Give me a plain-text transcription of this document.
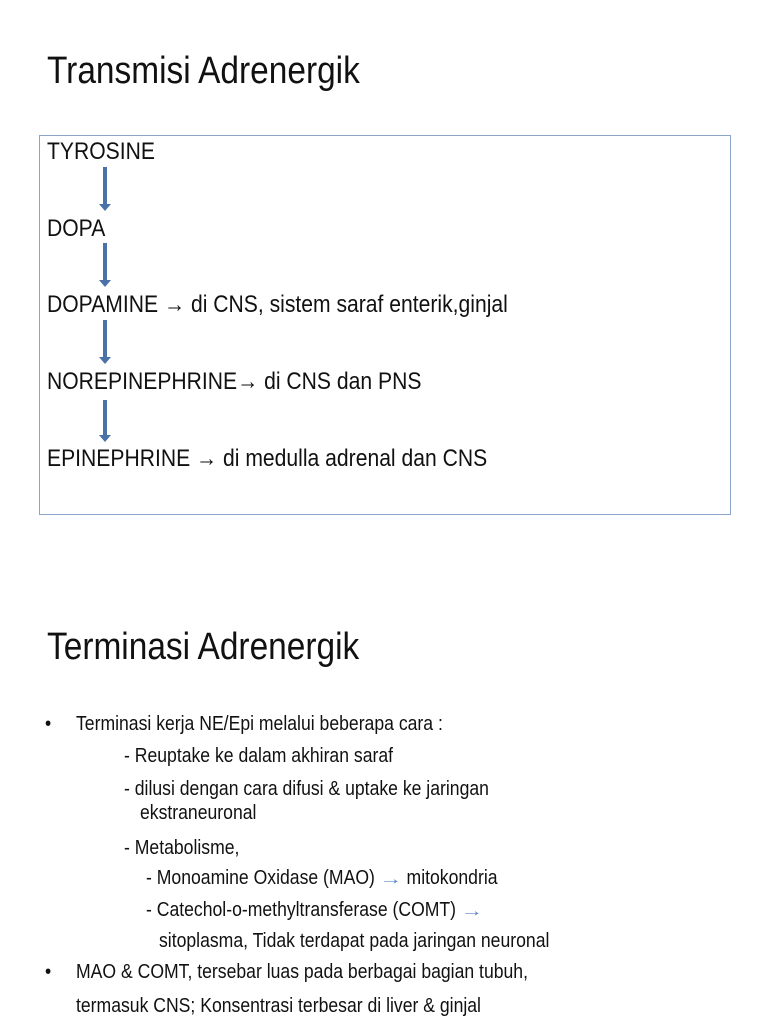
Transmisi Adrenergik
TYROSINE
DOPA
DOPAMINE → di CNS, sistem saraf enterik,ginjal
NOREPINEPHRINE→ di CNS dan PNS
EPINEPHRINE → di medulla adrenal dan CNS
Terminasi Adrenergik
• Terminasi kerja NE/Epi melalui beberapa cara :
- Reuptake ke dalam akhiran saraf
- dilusi dengan cara difusi & uptake ke jaringan
ekstraneuronal
- Metabolisme,
- Monoamine Oxidase (MAO) → mitokondria
- Catechol-o-methyltransferase (COMT) →
sitoplasma, Tidak terdapat pada jaringan neuronal
• MAO & COMT, tersebar luas pada berbagai bagian tubuh,
termasuk CNS; Konsentrasi terbesar di liver & ginjal
